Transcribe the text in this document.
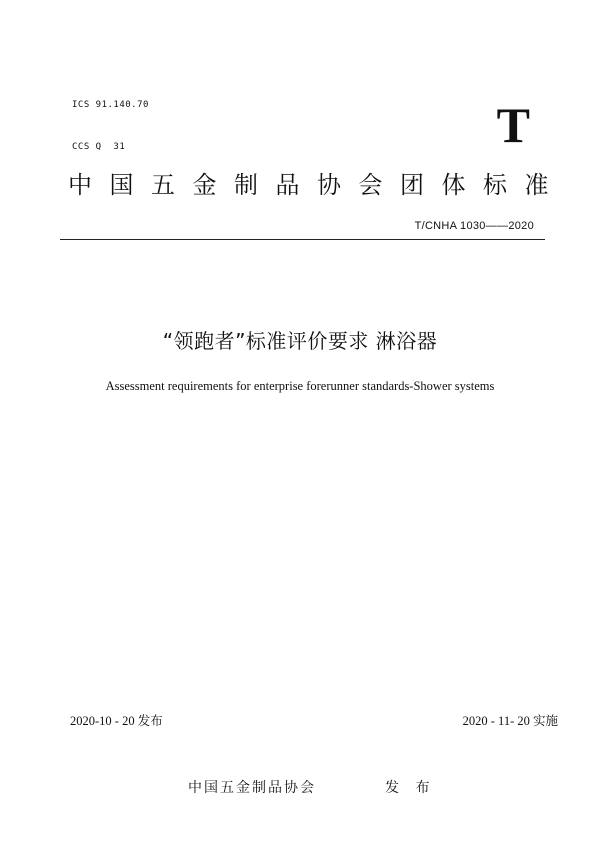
ICS 91.140.70

CCS Q  31	T
中国五金制品协会团体标准
T/CNHA 1030——2020
“领跑者”标准评价要求 淋浴器
Assessment requirements for enterprise forerunner standards-Shower systems
2020-10 - 20 发布	2020 - 11- 20 实施
中国五金制品协会	发 布
